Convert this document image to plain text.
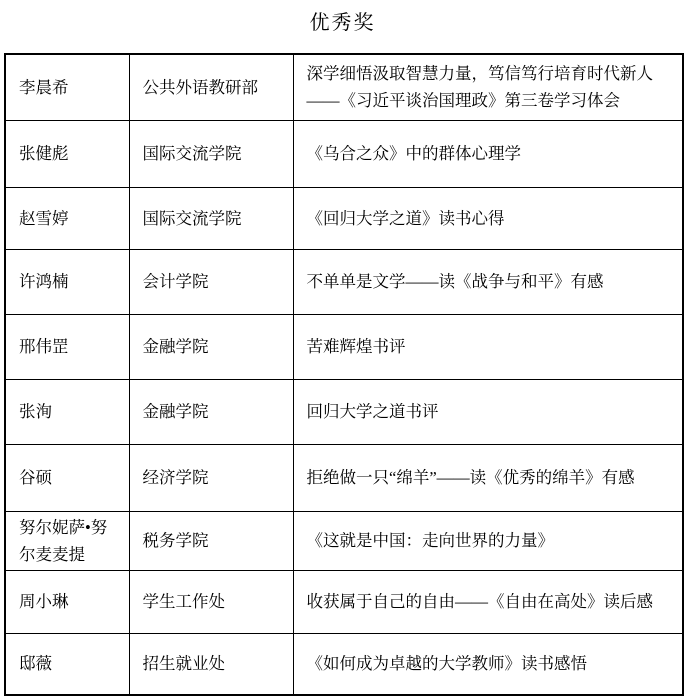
优秀奖
李晨希	公共外语教研部	深学细悟汲取智慧力量，笃信笃行培育时代新人——《习近平谈治国理政》第三卷学习体会
张健彪	国际交流学院	《乌合之众》中的群体心理学
赵雪婷	国际交流学院	《回归大学之道》读书心得
许鸿楠	会计学院	不单单是文学——读《战争与和平》有感
邢伟罡	金融学院	苦难辉煌书评
张洵	金融学院	回归大学之道书评
谷硕	经济学院	拒绝做一只“绵羊”——读《优秀的绵羊》有感
努尔妮萨•努尔麦麦提	税务学院	《这就是中国：走向世界的力量》
周小琳	学生工作处	收获属于自己的自由——《自由在高处》读后感
邸薇	招生就业处	《如何成为卓越的大学教师》读书感悟
